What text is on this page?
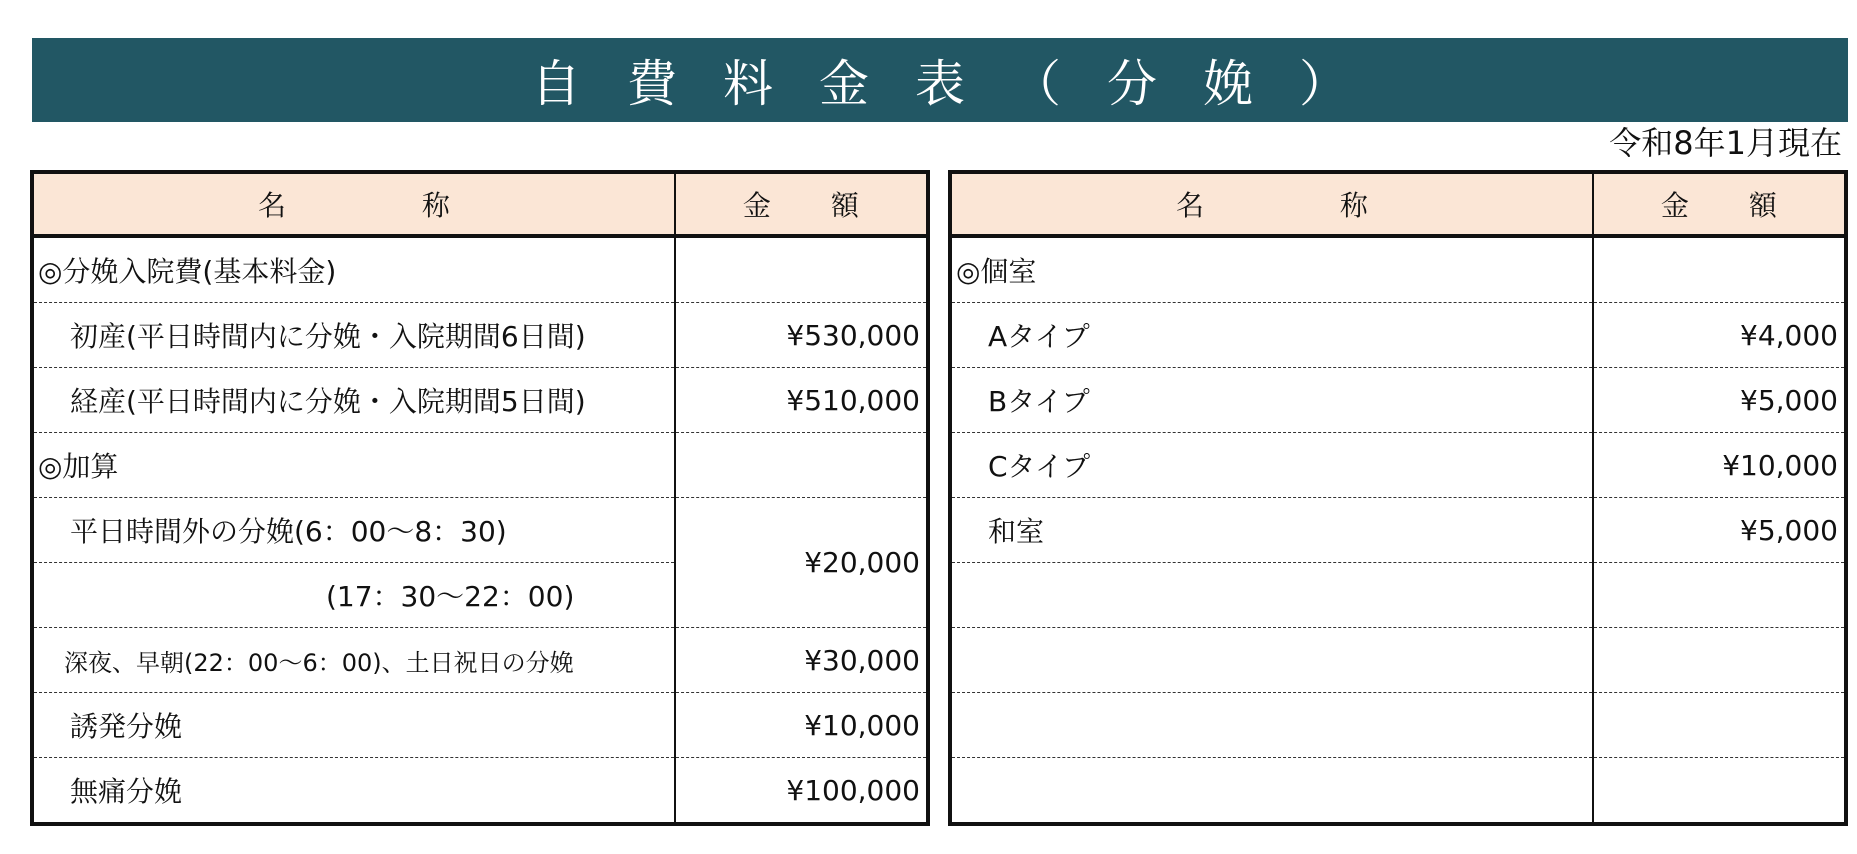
自費料金表（分娩）
令和8年1月現在
名 称	金 額

◎分娩入院費(基本料金)	
初産(平日時間内に分娩・入院期間6日間)	¥530,000
経産(平日時間内に分娩・入院期間5日間)	¥510,000
◎加算	
平日時間外の分娩(6：00～8：30)	¥20,000
(17：30～22：00)	
深夜、早朝(22：00～6：00)、土日祝日の分娩	¥30,000
誘発分娩	¥10,000
無痛分娩	¥100,000
名 称	金 額

◎個室	
Aタイプ	¥4,000
Bタイプ	¥5,000
Cタイプ	¥10,000
和室	¥5,000
